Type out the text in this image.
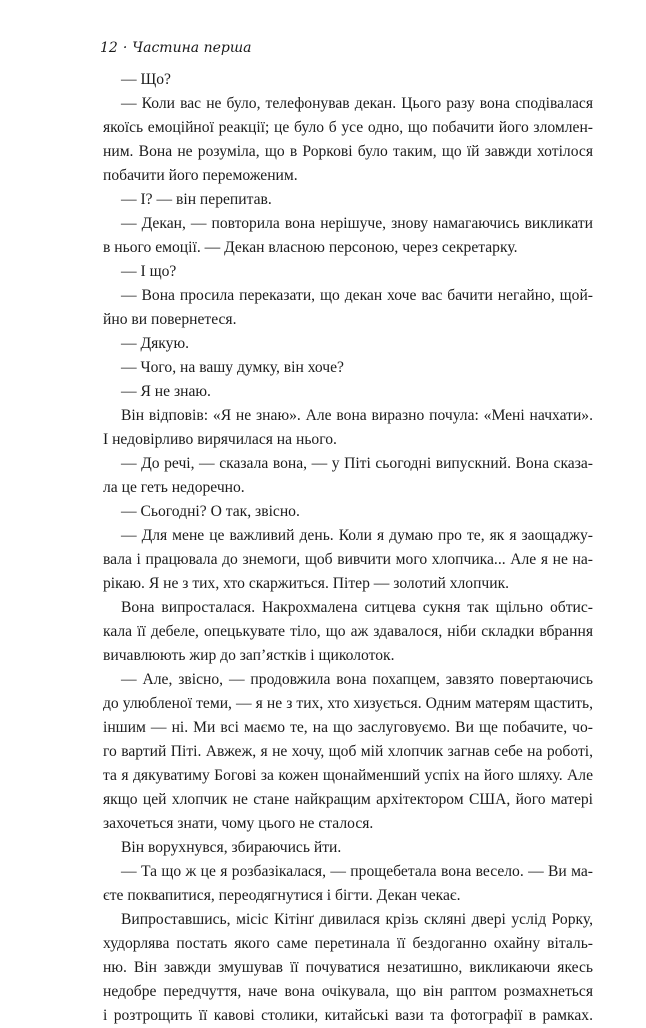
12 · Частина перша
— Що?
— Коли вас не було, телефонував декан. Цього разу вона сподівалася
якоїсь емоційної реакції; це було б усе одно, що побачити його зломлен-
ним. Вона не розуміла, що в Роркові було таким, що їй завжди хотілося
побачити його переможеним.
— І? — він перепитав.
— Декан, — повторила вона нерішуче, знову намагаючись викликати
в нього емоції. — Декан власною персоною, через секретарку.
— І що?
— Вона просила переказати, що декан хоче вас бачити негайно, щой-
йно ви повернетеся.
— Дякую.
— Чого, на вашу думку, він хоче?
— Я не знаю.
Він відповів: «Я не знаю». Але вона виразно почула: «Мені начхати».
І недовірливо вирячилася на нього.
— До речі, — сказала вона, — у Піті сьогодні випускний. Вона сказа-
ла це геть недоречно.
— Сьогодні? О так, звісно.
— Для мене це важливий день. Коли я думаю про те, як я заощаджу-
вала і працювала до знемоги, щоб вивчити мого хлопчика... Але я не на-
рікаю. Я не з тих, хто скаржиться. Пітер — золотий хлопчик.
Вона випросталася. Накрохмалена ситцева сукня так щільно обтис-
кала її дебеле, опецькувате тіло, що аж здавалося, ніби складки вбрання
вичавлюють жир до зап’ястків і щиколоток.
— Але, звісно, — продовжила вона похапцем, завзято повертаючись
до улюбленої теми, — я не з тих, хто хизується. Одним матерям щастить,
іншим — ні. Ми всі маємо те, на що заслуговуємо. Ви ще побачите, чо-
го вартий Піті. Авжеж, я не хочу, щоб мій хлопчик загнав себе на роботі,
та я дякуватиму Богові за кожен щонайменший успіх на його шляху. Але
якщо цей хлопчик не стане найкращим архітектором США, його матері
захочеться знати, чому цього не сталося.
Він ворухнувся, збираючись йти.
— Та що ж це я розбазікалася, — прощебетала вона весело. — Ви ма-
єте поквапитися, переодягнутися і бігти. Декан чекає.
Випроставшись, місіс Кітінґ дивилася крізь скляні двері услід Рорку,
худорлява постать якого саме перетинала її бездоганно охайну віталь-
ню. Він завжди змушував її почуватися незатишно, викликаючи якесь
недобре передчуття, наче вона очікувала, що він раптом розмахнеться
і розтрощить її кавові столики, китайські вази та фотографії в рамках.
